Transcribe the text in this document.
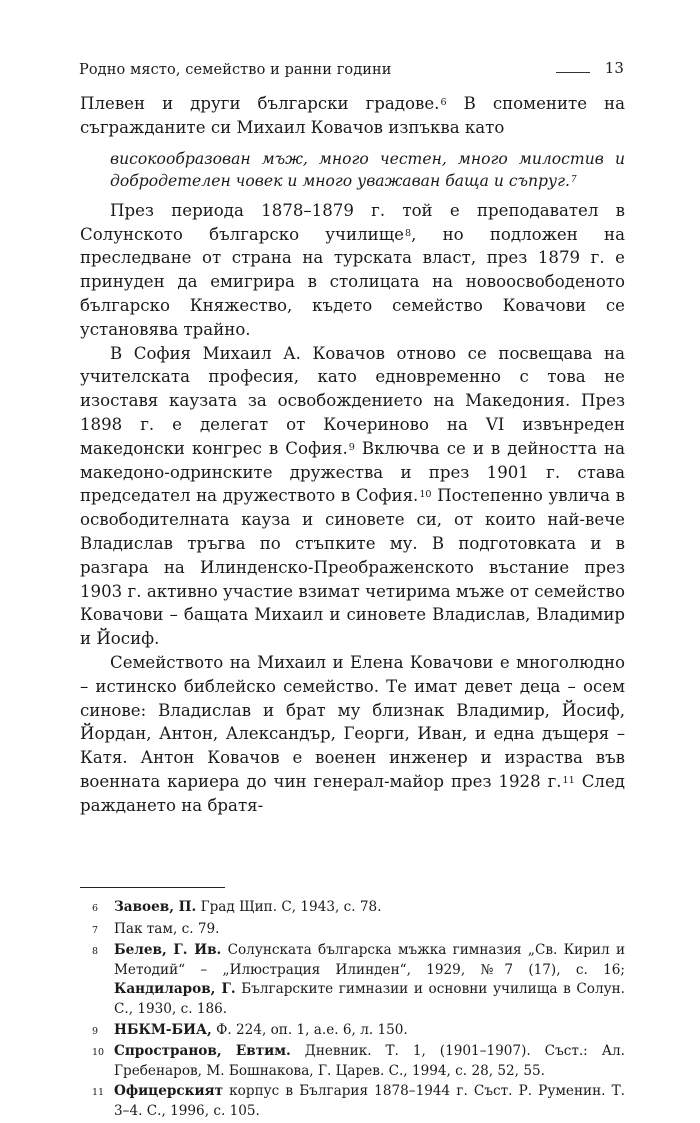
Родно място, семейство и ранни години	13

Плевен и други български градове.$^6$ В спомените на съгражданите си Михаил Ковачов изпъква като

високообразован мъж, много честен, много милостив и добродетелен човек и много уважаван баща и съпруг.$^7$

През периода 1878–1879 г. той е преподавател в Солунското българско училище$^8$, но подложен на преследване от страна на турската власт, през 1879 г. е принуден да емигрира в столицата на новоосвободеното българско Княжество, където семейство Ковачови се установява трайно.

В София Михаил А. Ковачов отново се посвещава на учителската професия, като едновременно с това не изоставя каузата за освобождението на Македония. През 1898 г. е делегат от Кочериново на VI извънреден македонски конгрес в София.$^9$ Включва се и в дейността на македоно-одринските дружества и през 1901 г. става председател на дружеството в София.$^{10}$ Постепенно увлича в освободителната кауза и синовете си, от които най-вече Владислав тръгва по стъпките му. В подготовката и в разгара на Илинденско-Преображенското въстание през 1903 г. активно участие взимат четирима мъже от семейство Ковачови – бащата Михаил и синовете Владислав, Владимир и Йосиф.

Семейството на Михаил и Елена Ковачови е многолюдно – истинско библейско семейство. Те имат девет деца – осем синове: Владислав и брат му близнак Владимир, Йосиф, Йордан, Антон, Александър, Георги, Иван, и една дъщеря – Катя. Антон Ковачов е военен инженер и израства във военната кариера до чин генерал-майор през 1928 г.$^{11}$ След раждането на братя-

6	Завоев, П. Град Щип. С, 1943, с. 78.
7	Пак там, с. 79.
8	Белев, Г. Ив. Солунската българска мъжка гимназия „Св. Кирил и Методий“ – „Илюстрация Илинден“, 1929, №7 (17), с. 16; Кандиларов, Г. Българските гимназии и основни училища в Солун. С., 1930, с. 186.
9	НБКМ-БИА, Ф. 224, оп. 1, а.е. 6, л. 150.
10 Спространов, Евтим. Дневник. Т. 1, (1901–1907). Съст.: Ал. Гребенаров, М. Бошнакова, Г. Царев. С., 1994, с. 28, 52, 55.
11 Офицерският корпус в България 1878–1944 г. Съст. Р. Руменин. Т. 3–4. С., 1996, с. 105.
